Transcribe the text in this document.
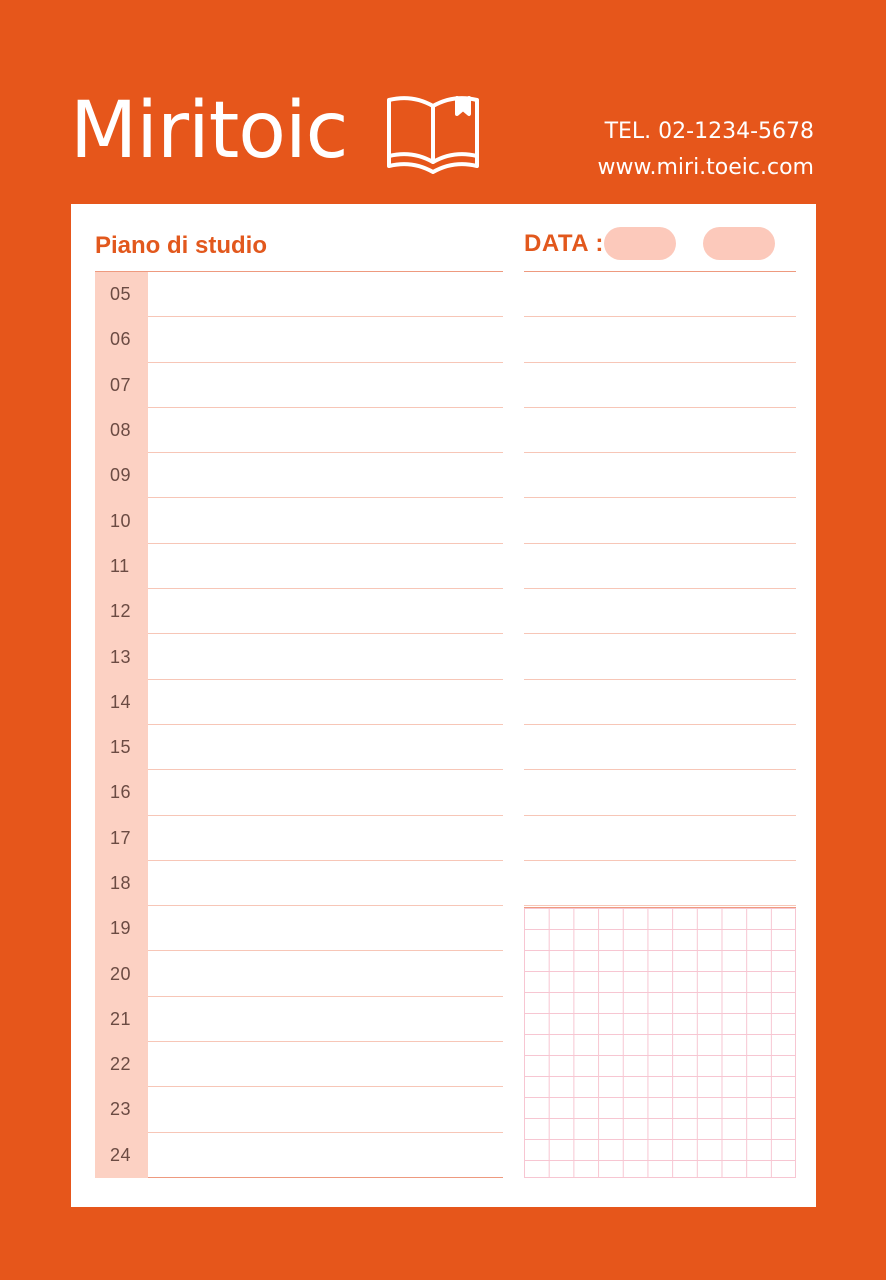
Miritoic	TEL. 02-1234-5678
www.miri.toeic.com
Piano di studio	DATA :
05
06
07
08
09
10
11
12
13
14
15
16
17
18
19
20
21
22
23
24
